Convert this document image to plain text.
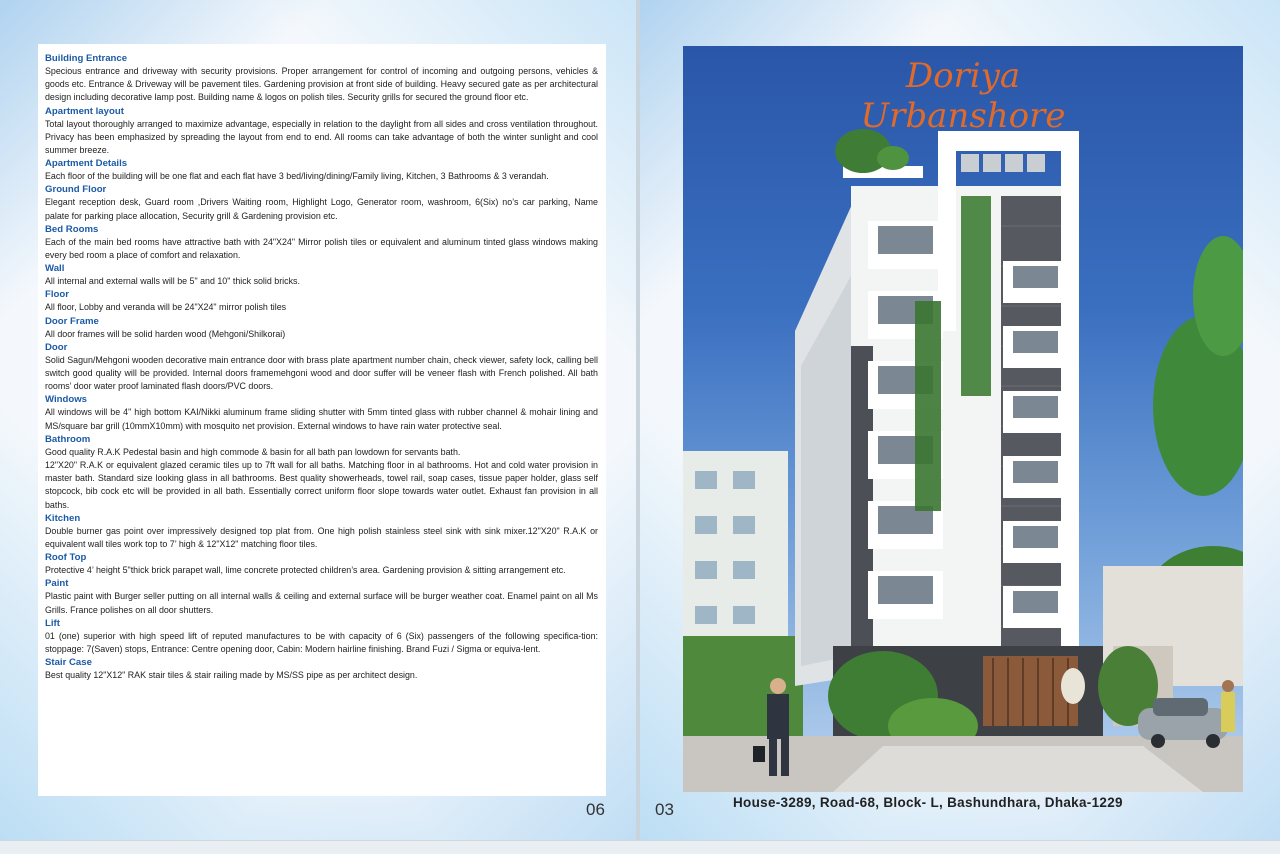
Building Entrance

Specious entrance and driveway with security provisions. Proper arrangement for control of incoming and outgoing persons, vehicles & goods etc. Entrance & Driveway will be pavement tiles. Gardening provision at front side of building. Heavy secured gate as per architectural design including decorative lamp post. Building name & logos on polish tiles. Security grills for secured the ground floor etc.

Apartment layout

Total layout thoroughly arranged to maximize advantage, especially in relation to the daylight from all sides and cross ventilation throughout. Privacy has been emphasized by spreading the layout from end to end. All rooms can take advantage of both the winter sunlight and cool summer breeze.

Apartment Details

Each floor of the building will be one flat and each flat have 3 bed/living/dining/Family living, Kitchen, 3 Bathrooms & 3 verandah.

Ground Floor

Elegant reception desk, Guard room ,Drivers Waiting room, Highlight Logo, Generator room, washroom, 6(Six) no’s car parking, Name palate for parking place allocation, Security grill & Gardening provision etc.

Bed Rooms

Each of the main bed rooms have attractive bath with 24"X24" Mirror polish tiles or equivalent and aluminum tinted glass windows making every bed room a place of comfort and relaxation.

Wall

All internal and external walls will be 5" and 10" thick solid bricks.

Floor

All floor, Lobby and veranda will be 24"X24" mirror polish tiles

Door Frame

All door frames will be solid harden wood (Mehgoni/Shilkorai)

Door

Solid Sagun/Mehgoni wooden decorative main entrance door with brass plate apartment number chain, check viewer, safety lock, calling bell switch good quality will be provided. Internal doors framemehgoni wood and door suffer will be veneer flash with French polished. All bath rooms’ door water proof laminated flash doors/PVC doors.

Windows

All windows will be 4" high bottom KAI/Nikki aluminum frame sliding shutter with 5mm tinted glass with rubber channel & mohair lining and MS/square bar grill (10mmX10mm) with mosquito net provision. External windows to have rain water protective seal.

Bathroom

Good quality R.A.K Pedestal basin and high commode & basin for all bath pan lowdown for servants bath.

12"X20" R.A.K or equivalent glazed ceramic tiles up to 7ft wall for all baths. Matching floor in al bathrooms. Hot and cold water provision in master bath. Standard size looking glass in all bathrooms. Best quality showerheads, towel rail, soap cases, tissue paper holder, glass self stopcock, bib cock etc will be provided in all bath. Essentially correct uniform floor slope towards water outlet. Exhaust fan provision in all baths.

Kitchen

Double burner gas point over impressively designed top plat from. One high polish stainless steel sink with sink mixer.12"X20" R.A.K or equivalent wall tiles work top to 7’ high & 12"X12" matching floor tiles.

Roof Top

Protective 4’ height 5"thick brick parapet wall, lime concrete protected children’s area. Gardening provision & sitting arrangement etc.

Paint

Plastic paint with Burger seller putting on all internal walls & ceiling and external surface will be burger weather coat. Enamel paint on all Ms Grills. France polishes on all door shutters.

Lift

01 (one) superior with high speed lift of reputed manufactures to be with capacity of 6 (Six) passengers of the following specifica-tion: stoppage: 7(Saven) stops, Entrance: Centre opening door, Cabin: Modern hairline finishing. Brand Fuzi / Sigma or equiva-lent.

Stair Case

Best quality 12"X12" RAK stair tiles & stair railing made by MS/SS pipe as per architect design.

06
Doriya
Urbanshore
03	House-3289, Road-68, Block- L, Bashundhara, Dhaka-1229
